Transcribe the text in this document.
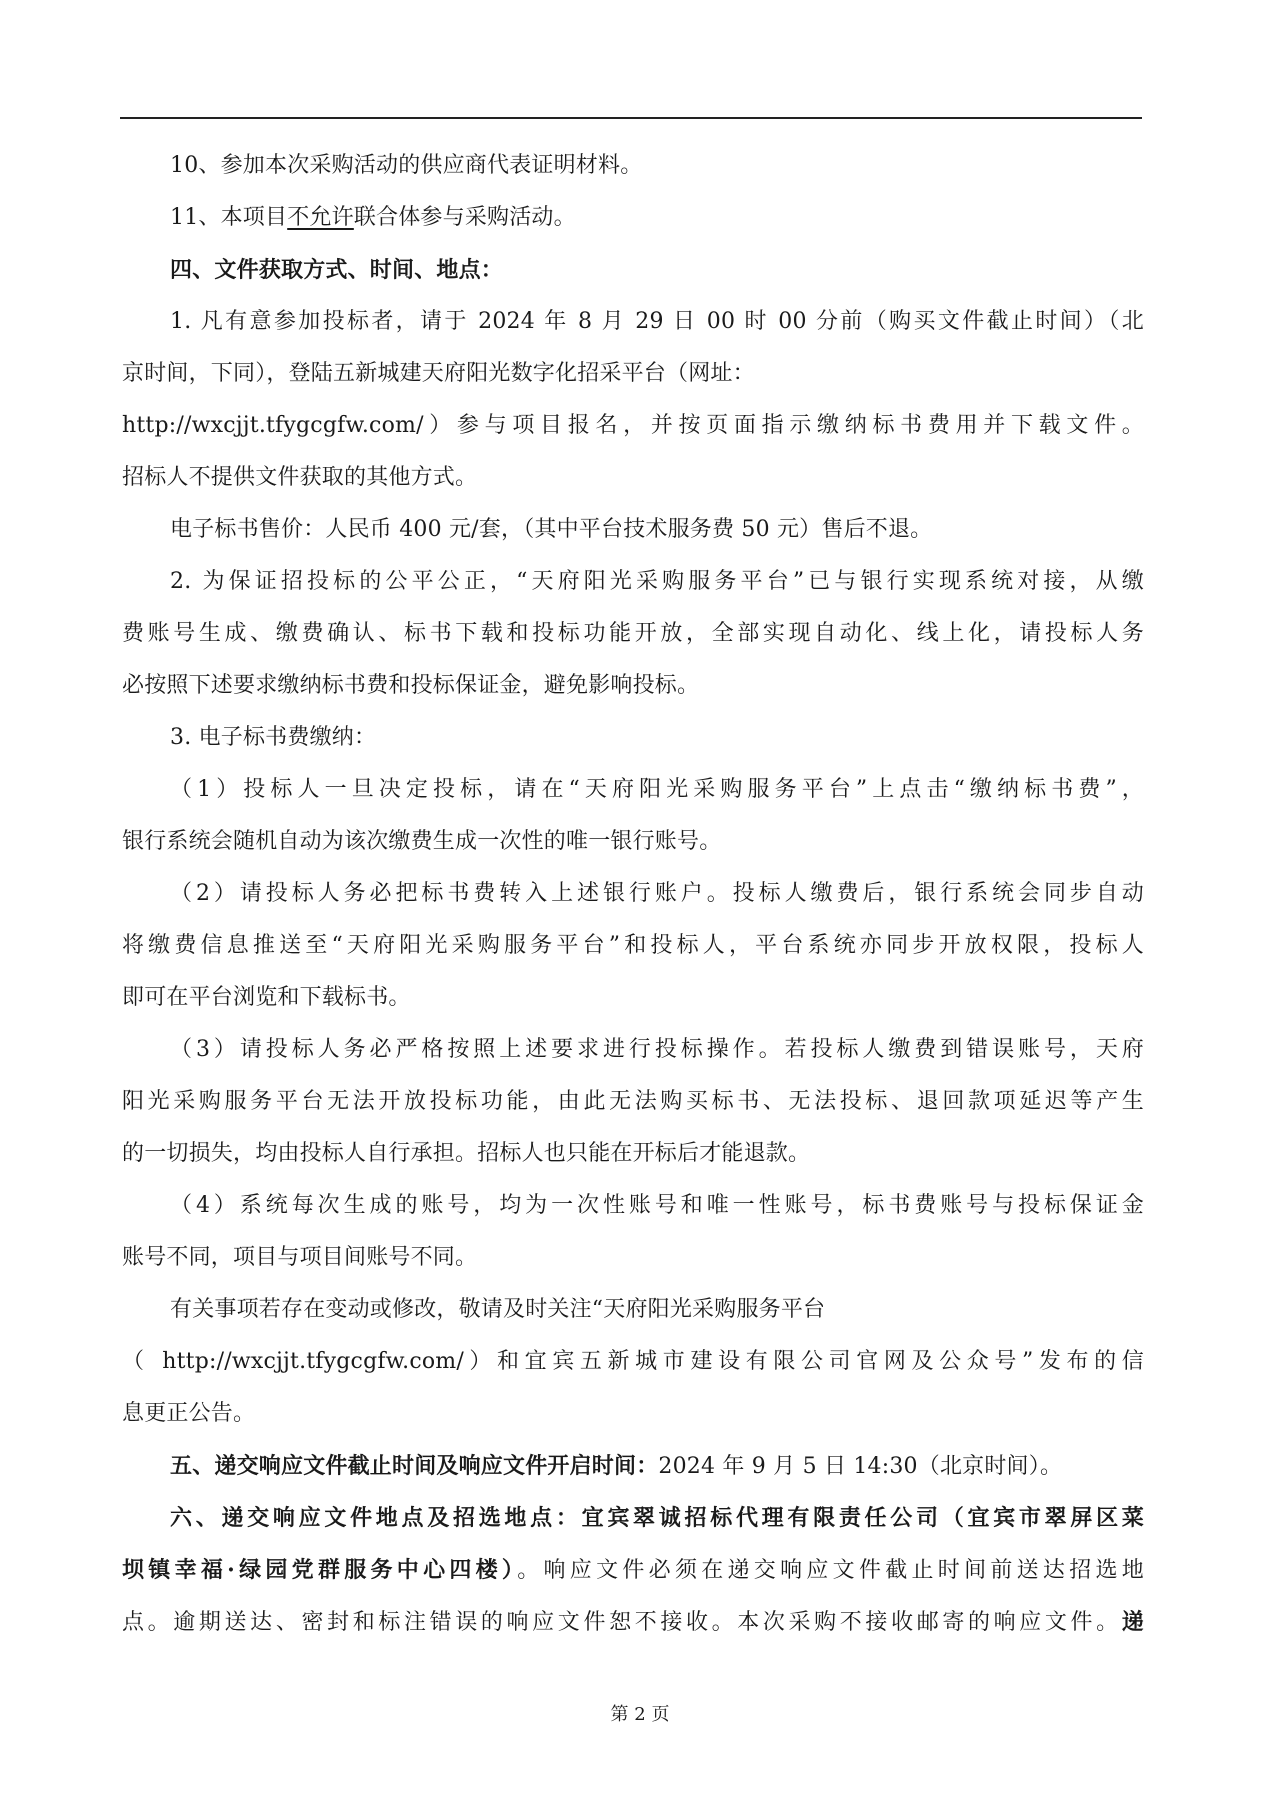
10、参加本次采购活动的供应商代表证明材料。
11、本项目不允许联合体参与采购活动。
四、文件获取方式、时间、地点：
1. 凡有意参加投标者，请于 2024 年 8 月 29 日 00 时 00 分前（购买文件截止时间）（北
京时间，下同），登陆五新城建天府阳光数字化招采平台（网址：
http://wxcjjt.tfygcgfw.com/）参与项目报名，并按页面指示缴纳标书费用并下载文件。
招标人不提供文件获取的其他方式。
电子标书售价：人民币 400 元/套，（其中平台技术服务费 50 元）售后不退。
2. 为保证招投标的公平公正，“天府阳光采购服务平台”已与银行实现系统对接，从缴
费账号生成、缴费确认、标书下载和投标功能开放，全部实现自动化、线上化，请投标人务
必按照下述要求缴纳标书费和投标保证金，避免影响投标。
3. 电子标书费缴纳：
（1）投标人一旦决定投标，请在“天府阳光采购服务平台”上点击“缴纳标书费”，
银行系统会随机自动为该次缴费生成一次性的唯一银行账号。
（2）请投标人务必把标书费转入上述银行账户。投标人缴费后，银行系统会同步自动
将缴费信息推送至“天府阳光采购服务平台”和投标人，平台系统亦同步开放权限，投标人
即可在平台浏览和下载标书。
（3）请投标人务必严格按照上述要求进行投标操作。若投标人缴费到错误账号，天府
阳光采购服务平台无法开放投标功能，由此无法购买标书、无法投标、退回款项延迟等产生
的一切损失，均由投标人自行承担。招标人也只能在开标后才能退款。
（4）系统每次生成的账号，均为一次性账号和唯一性账号，标书费账号与投标保证金
账号不同，项目与项目间账号不同。
有关事项若存在变动或修改，敬请及时关注“天府阳光采购服务平台
（ http://wxcjjt.tfygcgfw.com/）和宜宾五新城市建设有限公司官网及公众号”发布的信
息更正公告。
五、递交响应文件截止时间及响应文件开启时间：2024 年 9 月 5 日 14:30（北京时间）。
六、递交响应文件地点及招选地点：宜宾翠诚招标代理有限责任公司（宜宾市翠屏区菜
坝镇幸福·绿园党群服务中心四楼）。响应文件必须在递交响应文件截止时间前送达招选地
点。逾期送达、密封和标注错误的响应文件恕不接收。本次采购不接收邮寄的响应文件。递
第 2 页
